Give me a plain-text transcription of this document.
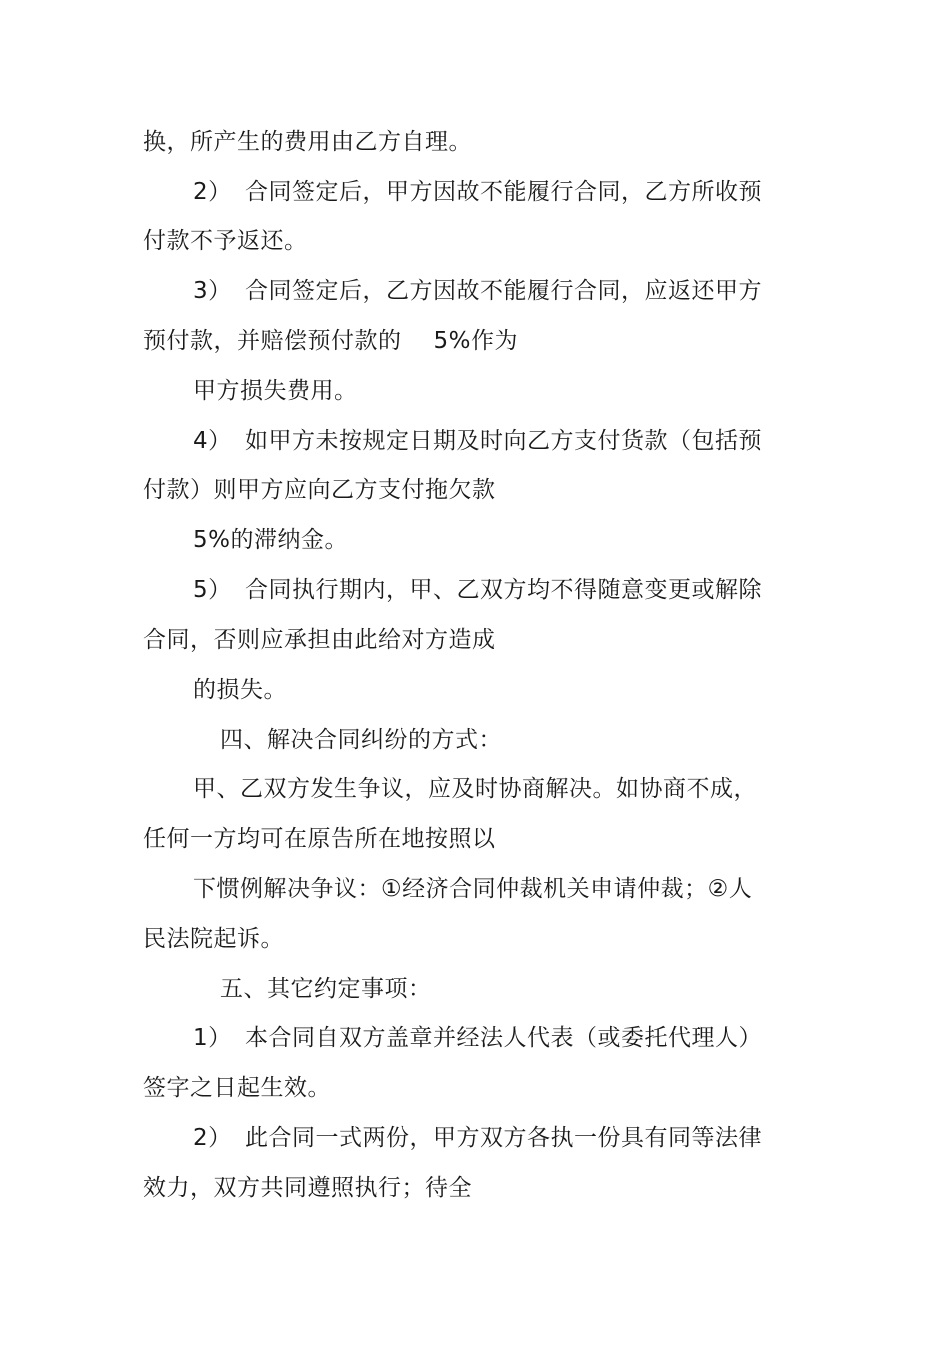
换，所产生的费用由乙方自理。
2） 合同签定后，甲方因故不能履行合同，乙方所收预
付款不予返还。
3） 合同签定后，乙方因故不能履行合同，应返还甲方
预付款，并赔偿预付款的 5%作为
甲方损失费用。
4） 如甲方未按规定日期及时向乙方支付货款（包括预
付款）则甲方应向乙方支付拖欠款
5%的滞纳金。
5） 合同执行期内，甲、乙双方均不得随意变更或解除
合同，否则应承担由此给对方造成
的损失。
四、解决合同纠纷的方式：
甲、乙双方发生争议，应及时协商解决。如协商不成，
任何一方均可在原告所在地按照以
下惯例解决争议：①经济合同仲裁机关申请仲裁；②人
民法院起诉。
五、其它约定事项：
1） 本合同自双方盖章并经法人代表（或委托代理人）
签字之日起生效。
2） 此合同一式两份，甲方双方各执一份具有同等法律
效力，双方共同遵照执行；待全
